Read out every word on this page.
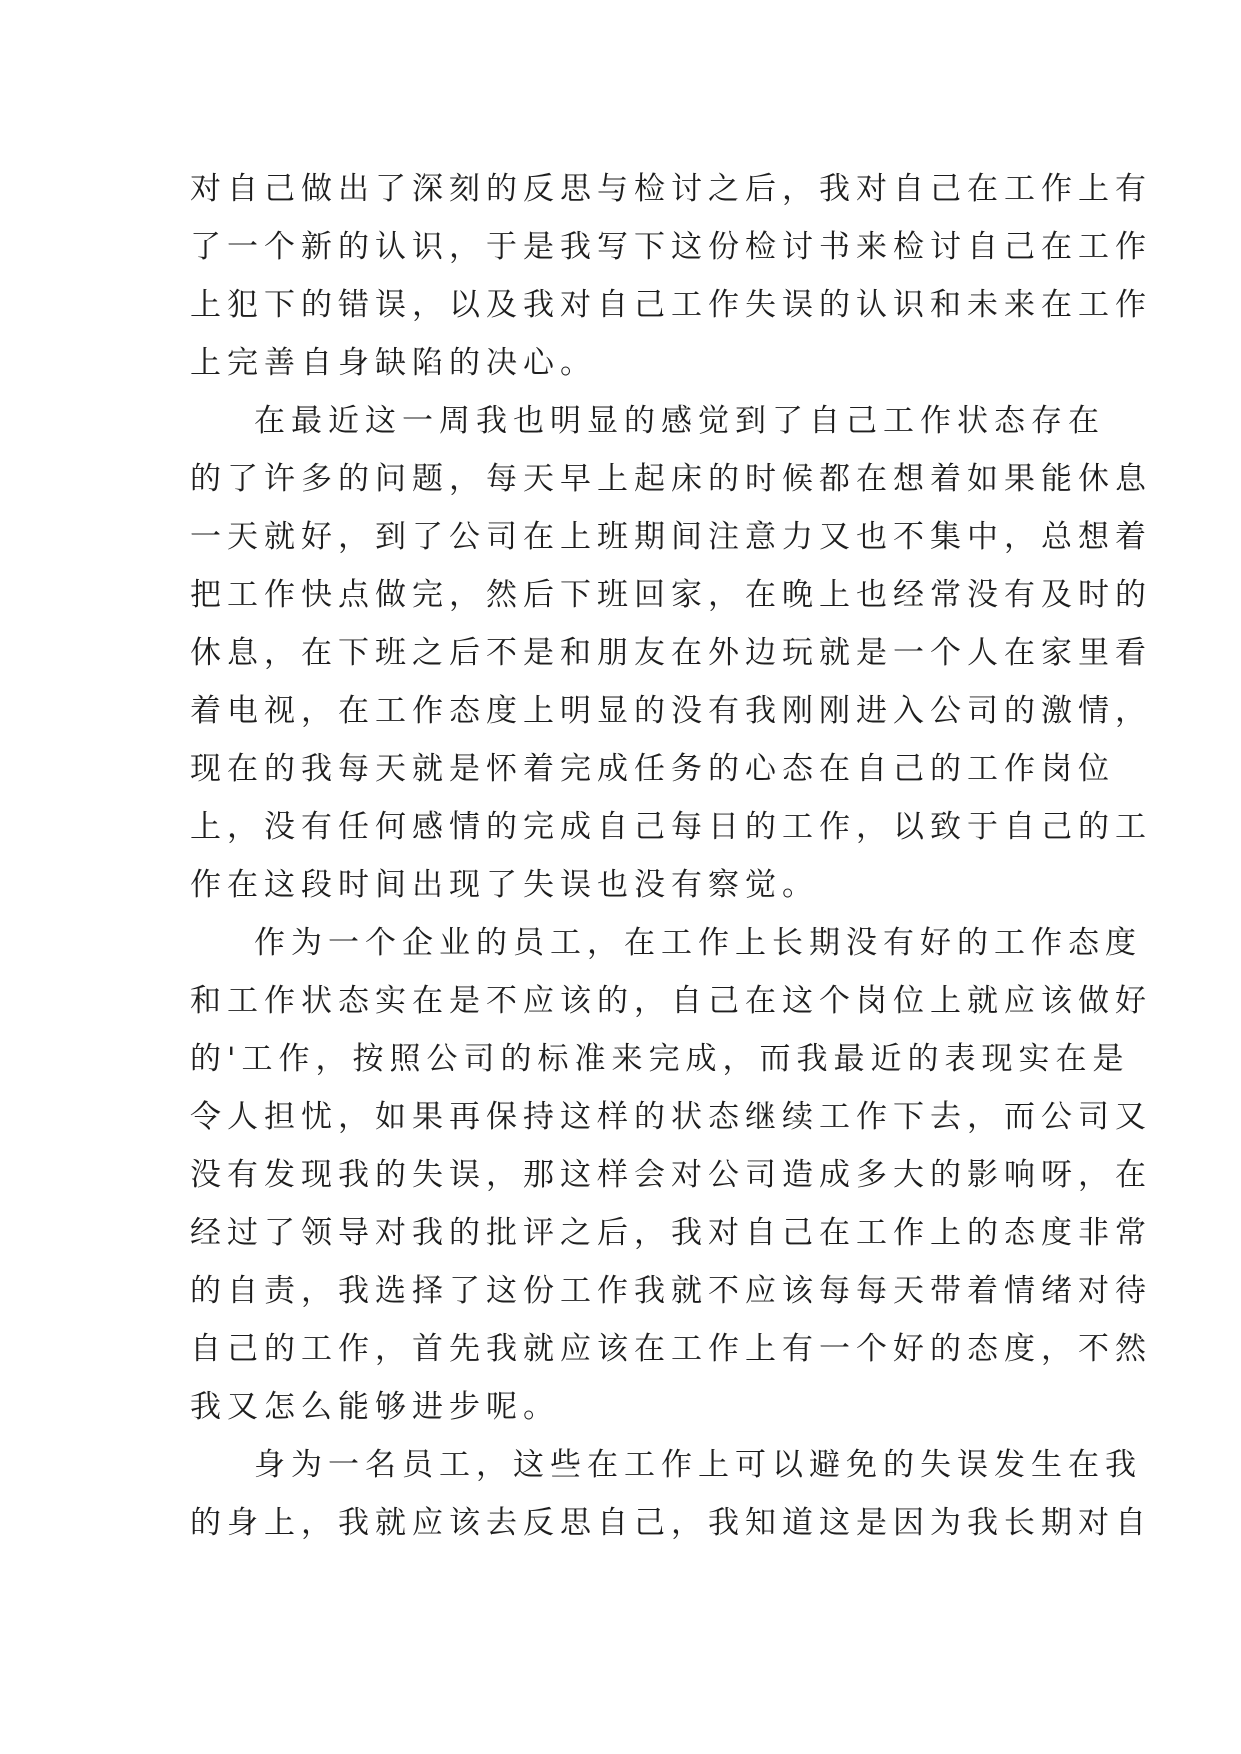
对自己做出了深刻的反思与检讨之后，我对自己在工作上有
了一个新的认识，于是我写下这份检讨书来检讨自己在工作
上犯下的错误，以及我对自己工作失误的认识和未来在工作
上完善自身缺陷的决心。
在最近这一周我也明显的感觉到了自己工作状态存在
的了许多的问题，每天早上起床的时候都在想着如果能休息
一天就好，到了公司在上班期间注意力又也不集中，总想着
把工作快点做完，然后下班回家，在晚上也经常没有及时的
休息，在下班之后不是和朋友在外边玩就是一个人在家里看
着电视，在工作态度上明显的没有我刚刚进入公司的激情，
现在的我每天就是怀着完成任务的心态在自己的工作岗位
上，没有任何感情的完成自己每日的工作，以致于自己的工
作在这段时间出现了失误也没有察觉。
作为一个企业的员工，在工作上长期没有好的工作态度
和工作状态实在是不应该的，自己在这个岗位上就应该做好
的'工作，按照公司的标准来完成，而我最近的表现实在是
令人担忧，如果再保持这样的状态继续工作下去，而公司又
没有发现我的失误，那这样会对公司造成多大的影响呀，在
经过了领导对我的批评之后，我对自己在工作上的态度非常
的自责，我选择了这份工作我就不应该每每天带着情绪对待
自己的工作，首先我就应该在工作上有一个好的态度，不然
我又怎么能够进步呢。
身为一名员工，这些在工作上可以避免的失误发生在我
的身上，我就应该去反思自己，我知道这是因为我长期对自
